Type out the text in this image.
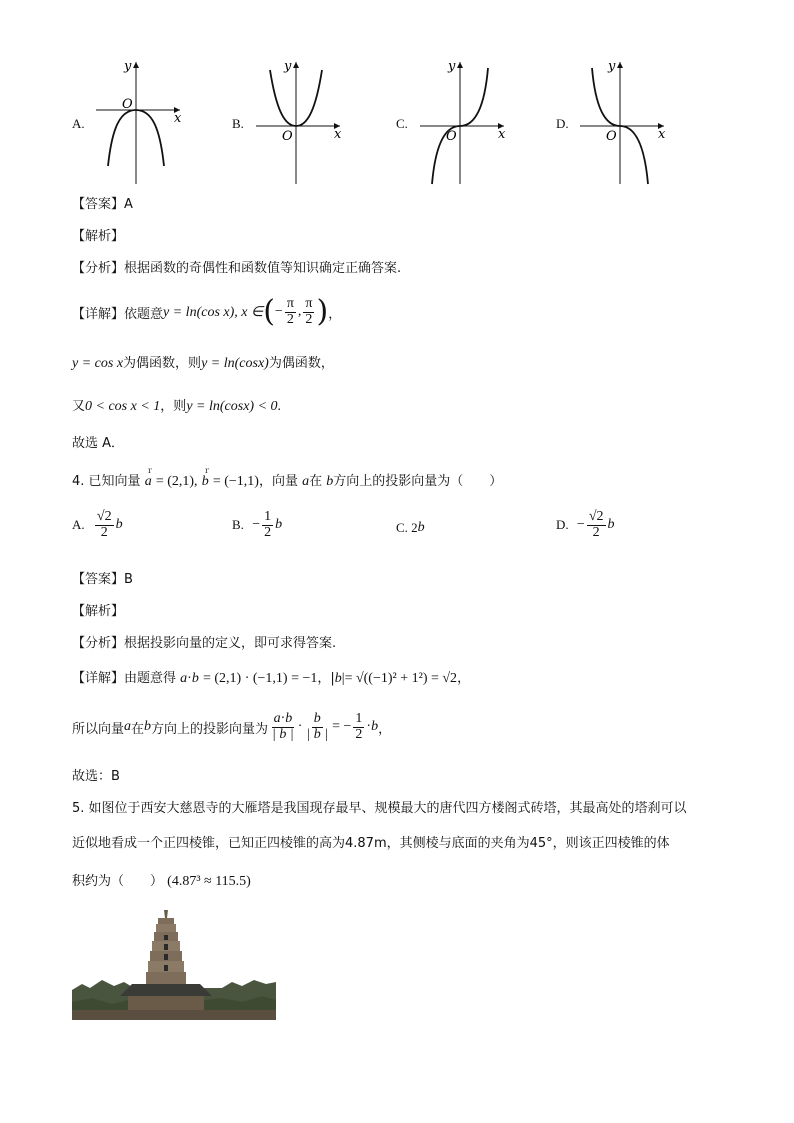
A.
y
O
x	B.
y
O	x
C.
y
O	x
D.
y
O	x
【答案】A
【解析】
【分析】根据函数的奇偶性和函数值等知识确定正确答案.
【详解】依题意 y = ln(cos x), x ∈ ( − $\frac{\pi}{2}$ , $\frac{\pi}{2}$ ) ，
y = cos x为偶函数，则y = ln(cosx)为偶函数，
又0 < cos x < 1，则y = ln(cosx) < 0.
故选 A．
4. 已知向量
ｒ
a = (2,1),
ｒ
b = (−1,1)，向量 a在 b方向上的投影向量为（　　）
A.
$\frac{√2}{2}$ b	B.
− $\frac{1}{2}$ b	C. 2 b	D.
− $\frac{√2}{2}$ b
【答案】B
【解析】
【分析】根据投影向量的定义，即可求得答案.
【详解】由题意得 a·b = (2,1) · (−1,1) = −1，|b|= √((−1)² + 1²) = √2，
所以向量 a 在 b 方向上的投影向量为 $\frac{a\cdot b}{| b |} \cdot \frac{b}{| b |}$ = − $\frac{1}{2} \cdot b$ ，
故选：B
5. 如图位于西安大慈恩寺的大雁塔是我国现存最早、规模最大的唐代四方楼阁式砖塔，其最高处的塔刹可以
近似地看成一个正四棱锥，已知正四棱锥的高为4.87m，其侧棱与底面的夹角为45°，则该正四棱锥的体
积约为（　　） (4.87³ ≈ 115.5)
